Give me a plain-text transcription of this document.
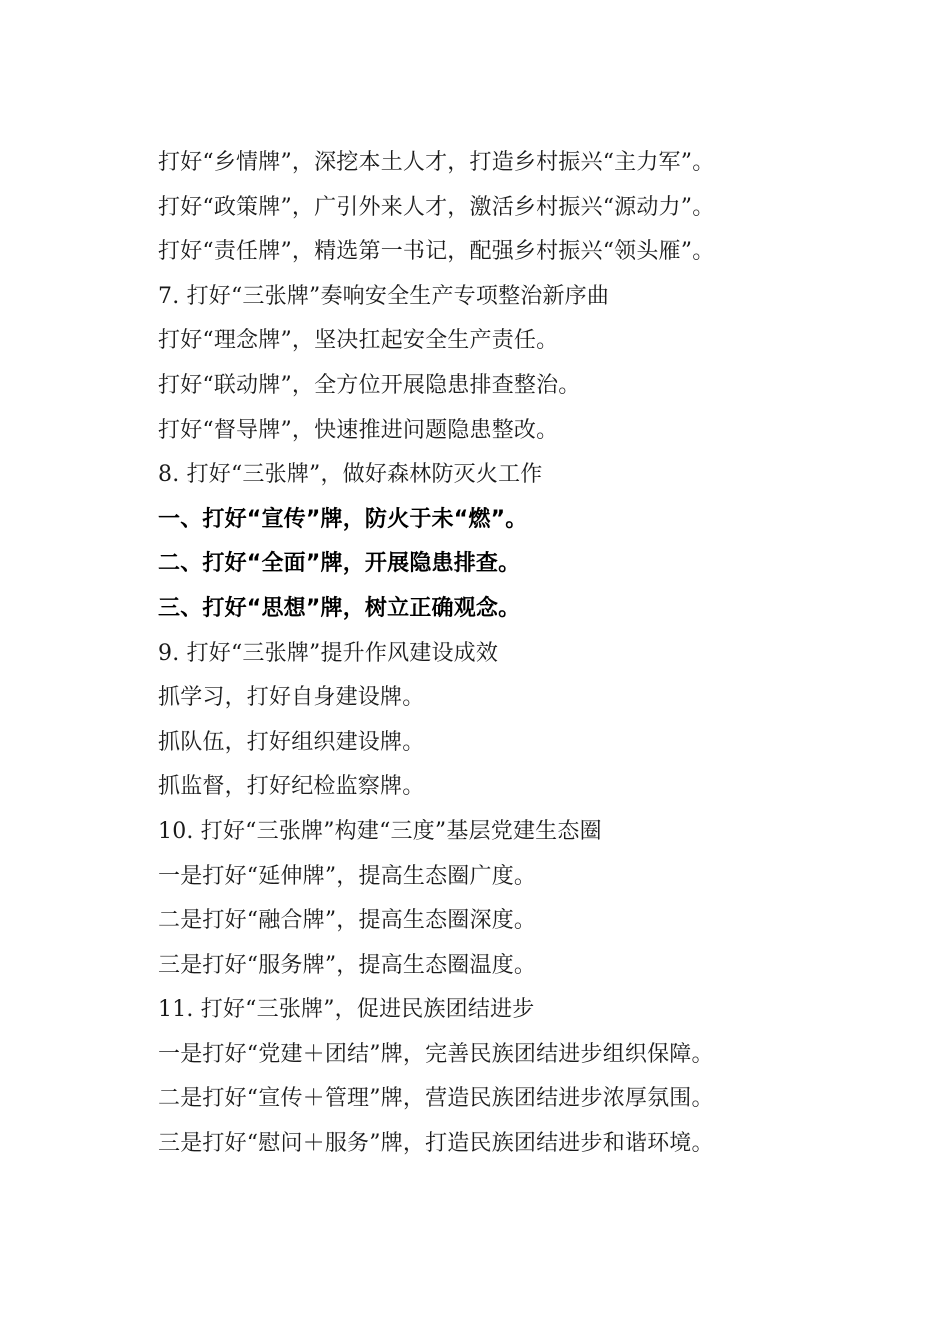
打好“乡情牌”，深挖本土人才，打造乡村振兴“主力军”。
打好“政策牌”，广引外来人才，激活乡村振兴“源动力”。
打好“责任牌”，精选第一书记，配强乡村振兴“领头雁”。
7. 打好“三张牌”奏响安全生产专项整治新序曲
打好“理念牌”，坚决扛起安全生产责任。
打好“联动牌”，全方位开展隐患排查整治。
打好“督导牌”，快速推进问题隐患整改。
8. 打好“三张牌”，做好森林防灭火工作
一、打好“宣传”牌，防火于未“燃”。
二、打好“全面”牌，开展隐患排查。
三、打好“思想”牌，树立正确观念。
9. 打好“三张牌”提升作风建设成效
抓学习，打好自身建设牌。
抓队伍，打好组织建设牌。
抓监督，打好纪检监察牌。
10. 打好“三张牌”构建“三度”基层党建生态圈
一是打好“延伸牌”，提高生态圈广度。
二是打好“融合牌”，提高生态圈深度。
三是打好“服务牌”，提高生态圈温度。
11. 打好“三张牌”，促进民族团结进步
一是打好“党建＋团结”牌，完善民族团结进步组织保障。
二是打好“宣传＋管理”牌，营造民族团结进步浓厚氛围。
三是打好“慰问＋服务”牌，打造民族团结进步和谐环境。
